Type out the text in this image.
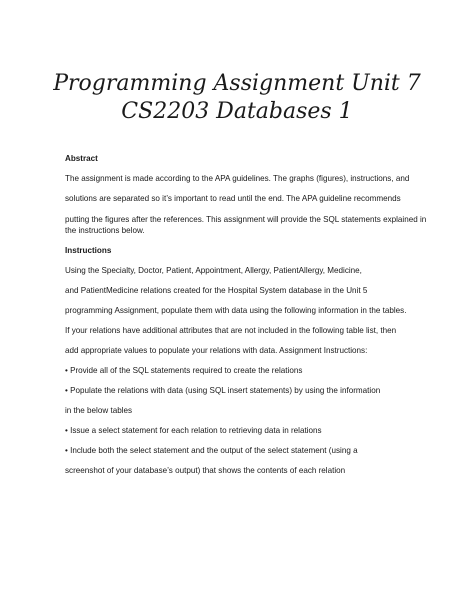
Programming Assignment Unit 7
CS2203 Databases 1

Abstract

The assignment is made according to the APA guidelines. The graphs (figures), instructions, and

solutions are separated so it’s important to read until the end. The APA guideline recommends

putting the figures after the references. This assignment will provide the SQL statements explained in

the instructions below.

Instructions

Using the Specialty, Doctor, Patient, Appointment, Allergy, PatientAllergy, Medicine,

and PatientMedicine relations created for the Hospital System database in the Unit 5

programming Assignment, populate them with data using the following information in the tables.

If your relations have additional attributes that are not included in the following table list, then

add appropriate values to populate your relations with data. Assignment Instructions:

• Provide all of the SQL statements required to create the relations

• Populate the relations with data (using SQL insert statements) by using the information

in the below tables

• Issue a select statement for each relation to retrieving data in relations

• Include both the select statement and the output of the select statement (using a

screenshot of your database’s output) that shows the contents of each relation
